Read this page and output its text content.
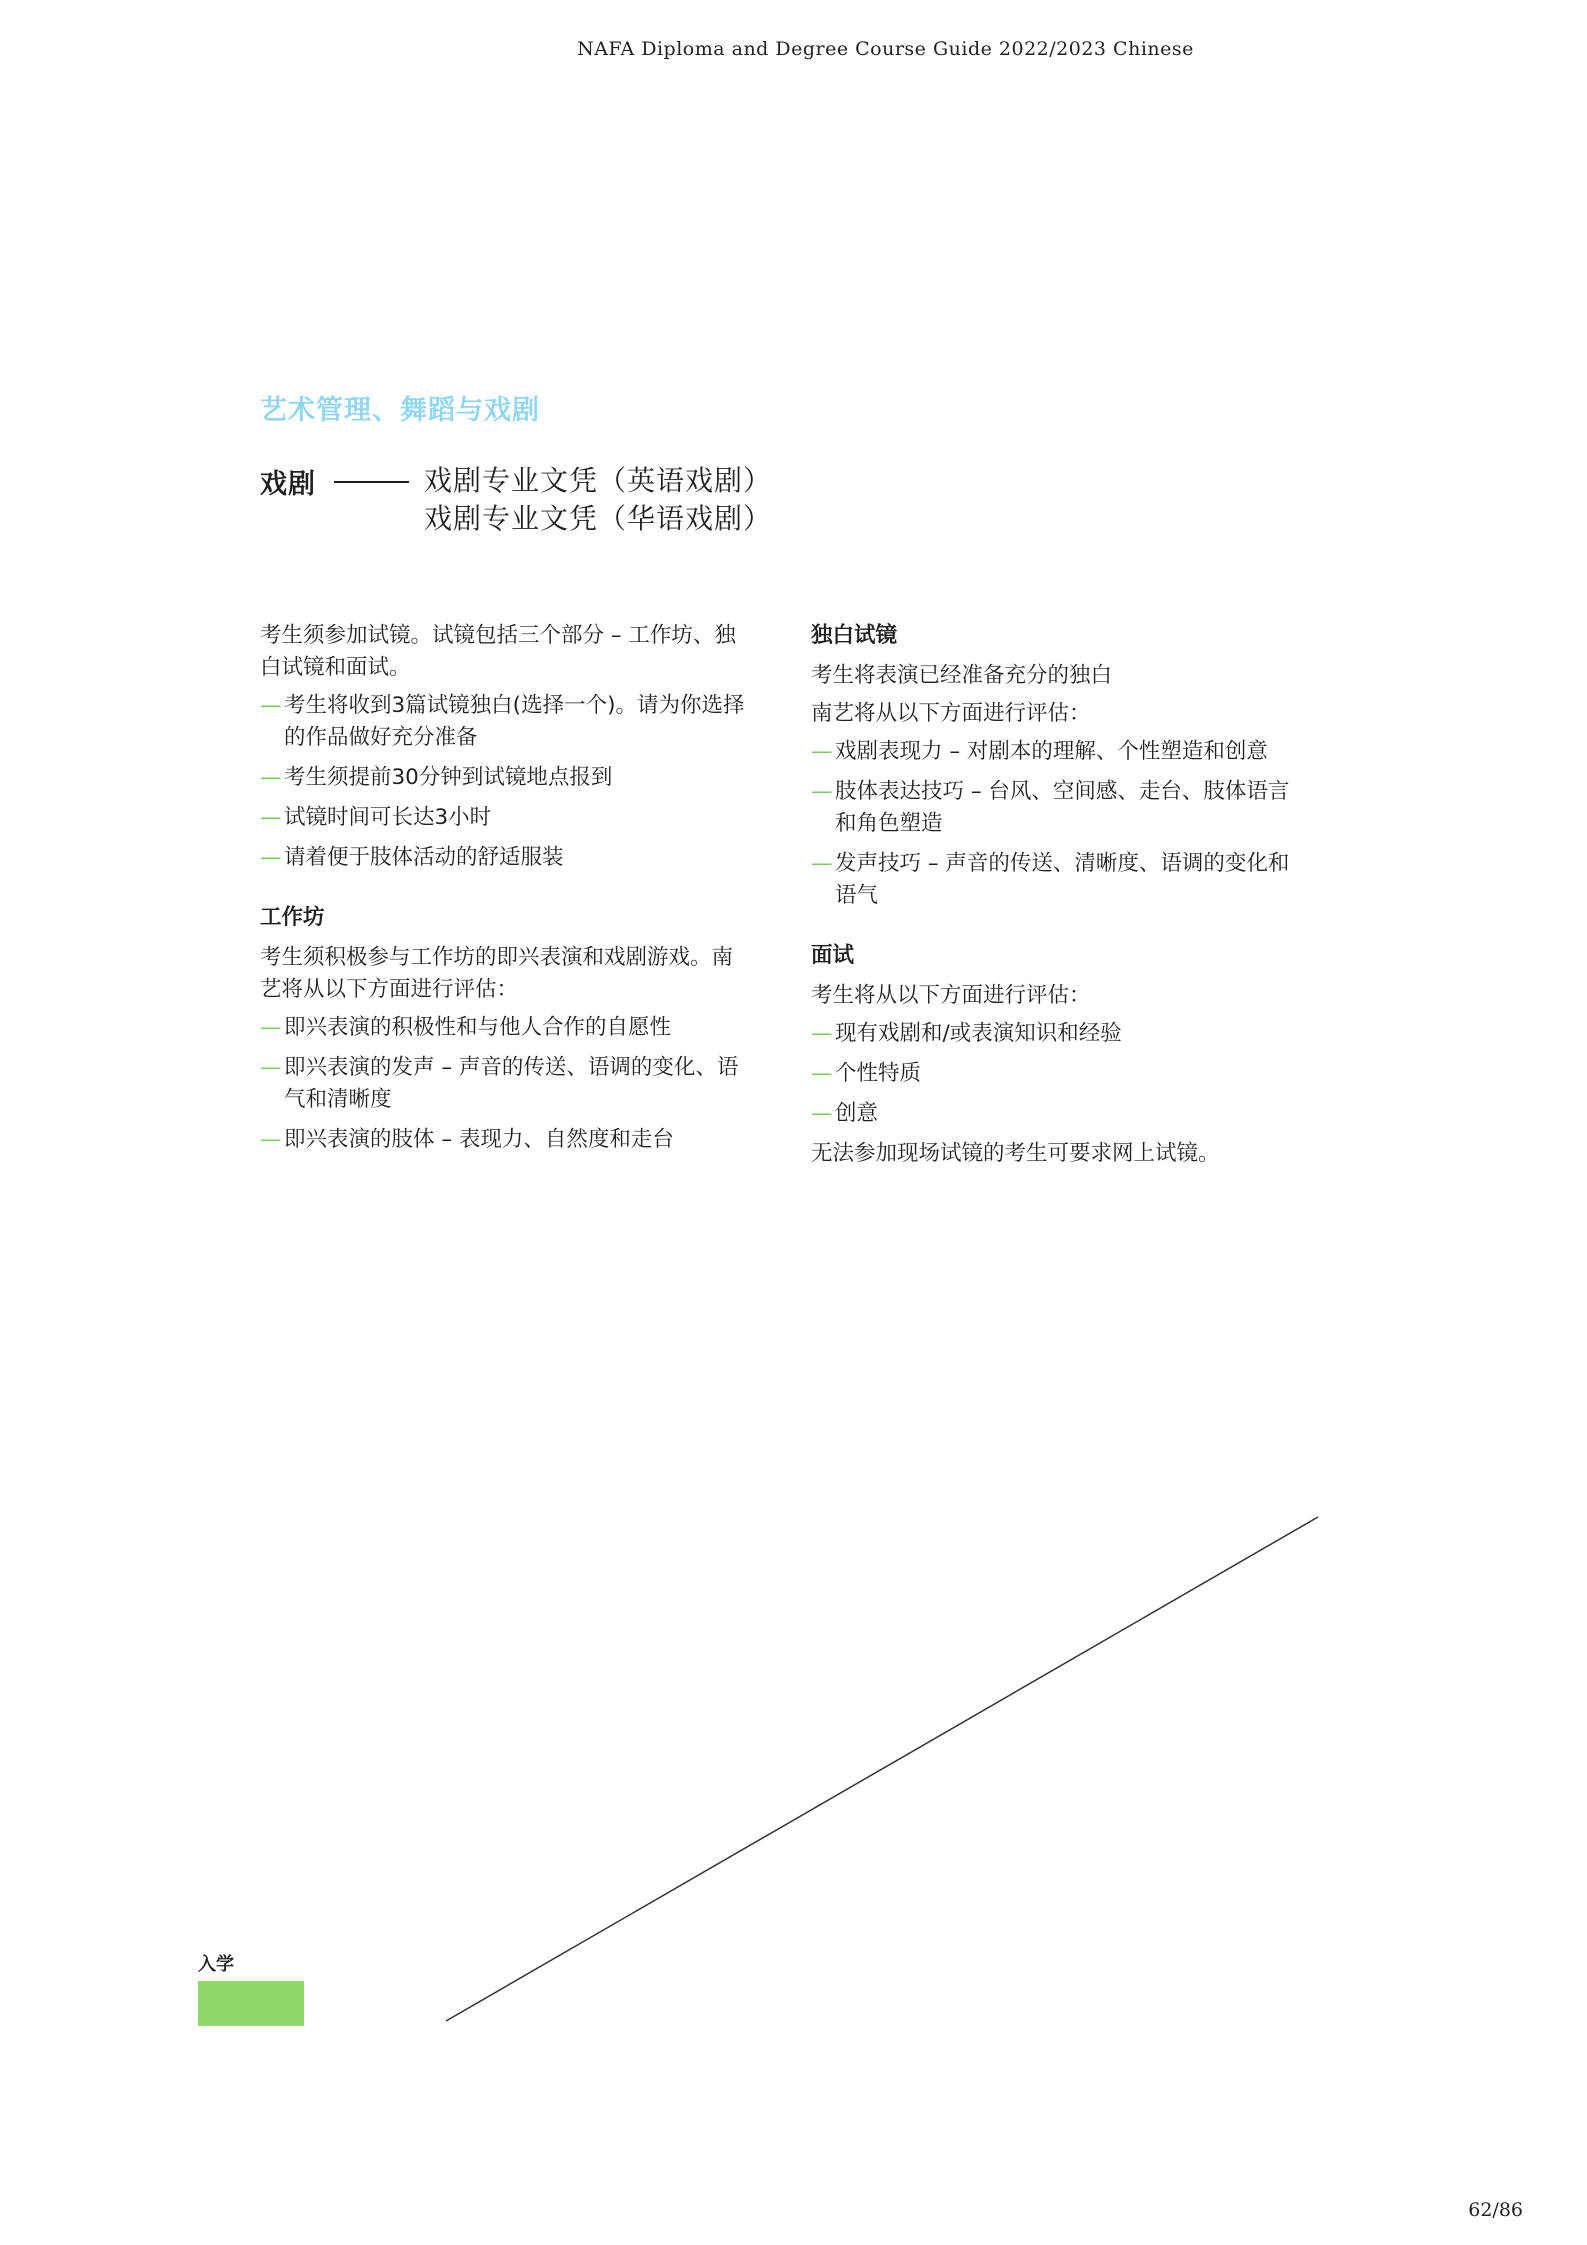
NAFA Diploma and Degree Course Guide 2022/2023 Chinese
艺术管理、舞蹈与戏剧
戏剧	戏剧专业文凭（英语戏剧）
戏剧专业文凭（华语戏剧）

考生须参加试镜。试镜包括三个部分 – 工作坊、独白试镜和面试。

— 考生将收到3篇试镜独白(选择一个)。请为你选择的作品做好充分准备
— 考生须提前30分钟到试镜地点报到
— 试镜时间可长达3小时
— 请着便于肢体活动的舒适服装
工作坊

考生须积极参与工作坊的即兴表演和戏剧游戏。南艺将从以下方面进行评估：

— 即兴表演的积极性和与他人合作的自愿性
— 即兴表演的发声 – 声音的传送、语调的变化、语气和清晰度
— 即兴表演的肢体 – 表现力、自然度和走台
独白试镜

考生将表演已经准备充分的独白

南艺将从以下方面进行评估：

— 戏剧表现力 – 对剧本的理解、个性塑造和创意
— 肢体表达技巧 – 台风、空间感、走台、肢体语言和角色塑造
— 发声技巧 – 声音的传送、清晰度、语调的变化和语气
面试

考生将从以下方面进行评估：

— 现有戏剧和/或表演知识和经验
— 个性特质
— 创意

无法参加现场试镜的考生可要求网上试镜。

入学
62/86
